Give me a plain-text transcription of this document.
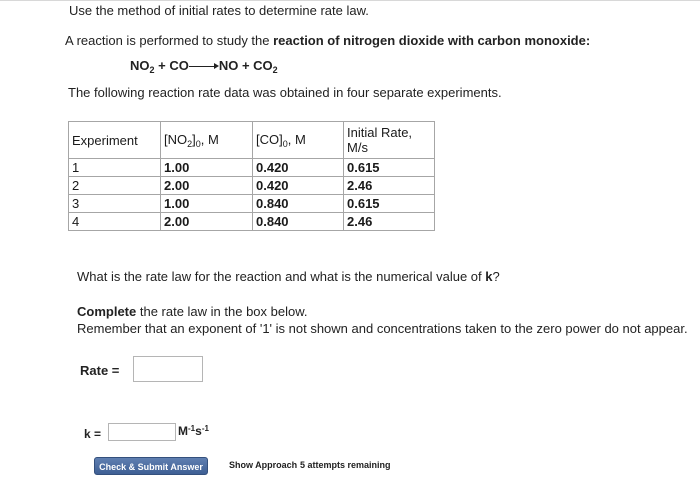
Use the method of initial rates to determine rate law.
A reaction is performed to study the reaction of nitrogen dioxide with carbon monoxide:
$NO_2$ + CO NO + $CO_2$
The following reaction rate data was obtained in four separate experiments.
Experiment	$[NO_2]_0$, M	$[CO]_0$, M	Initial Rate,
M/s
1	1.00	0.420	0.615
2	2.00	0.420	2.46
3	1.00	0.840	0.615
4	2.00	0.840	2.46
What is the rate law for the reaction and what is the numerical value of k?
Complete the rate law in the box below.
Remember that an exponent of '1' is not shown and concentrations taken to the zero power do not appear.
Rate =
k =	$M^{-1}s^{-1}$
Check & Submit Answer	Show Approach 5 attempts remaining
